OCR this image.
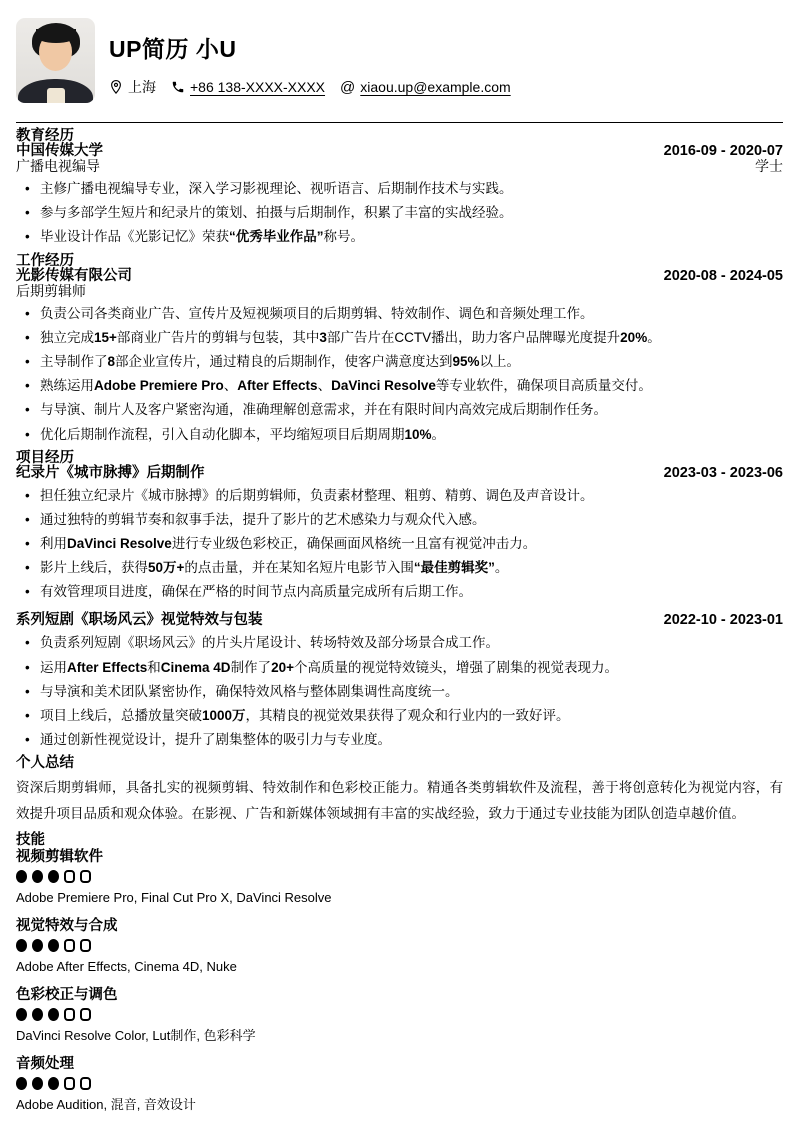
UP简历 小U
上海 +86 138-XXXX-XXXX @ xiaou.up@example.com
教育经历
中国传媒大学	2016-09 - 2020-07
广播电视编导	学士
• 主修广播电视编导专业，深入学习影视理论、视听语言、后期制作技术与实践。
• 参与多部学生短片和纪录片的策划、拍摄与后期制作，积累了丰富的实战经验。
• 毕业设计作品《光影记忆》荣获“优秀毕业作品”称号。
工作经历
光影传媒有限公司	2020-08 - 2024-05
后期剪辑师
• 负责公司各类商业广告、宣传片及短视频项目的后期剪辑、特效制作、调色和音频处理工作。
• 独立完成15+部商业广告片的剪辑与包装，其中3部广告片在CCTV播出，助力客户品牌曝光度提升20%。
• 主导制作了8部企业宣传片，通过精良的后期制作，使客户满意度达到95%以上。
• 熟练运用Adobe Premiere Pro、After Effects、DaVinci Resolve等专业软件，确保项目高质量交付。
• 与导演、制片人及客户紧密沟通，准确理解创意需求，并在有限时间内高效完成后期制作任务。
• 优化后期制作流程，引入自动化脚本，平均缩短项目后期周期10%。
项目经历
纪录片《城市脉搏》后期制作	2023-03 - 2023-06
• 担任独立纪录片《城市脉搏》的后期剪辑师，负责素材整理、粗剪、精剪、调色及声音设计。
• 通过独特的剪辑节奏和叙事手法，提升了影片的艺术感染力与观众代入感。
• 利用DaVinci Resolve进行专业级色彩校正，确保画面风格统一且富有视觉冲击力。
• 影片上线后，获得50万+的点击量，并在某知名短片电影节入围“最佳剪辑奖”。
• 有效管理项目进度，确保在严格的时间节点内高质量完成所有后期工作。
系列短剧《职场风云》视觉特效与包装	2022-10 - 2023-01
• 负责系列短剧《职场风云》的片头片尾设计、转场特效及部分场景合成工作。
• 运用After Effects和Cinema 4D制作了20+个高质量的视觉特效镜头，增强了剧集的视觉表现力。
• 与导演和美术团队紧密协作，确保特效风格与整体剧集调性高度统一。
• 项目上线后，总播放量突破1000万，其精良的视觉效果获得了观众和行业内的一致好评。
• 通过创新性视觉设计，提升了剧集整体的吸引力与专业度。
个人总结

资深后期剪辑师，具备扎实的视频剪辑、特效制作和色彩校正能力。精通各类剪辑软件及流程，善于将创意转化为视觉内容，有效提升项目品质和观众体验。在影视、广告和新媒体领域拥有丰富的实战经验，致力于通过专业技能为团队创造卓越价值。

技能
视频剪辑软件
Adobe Premiere Pro, Final Cut Pro X, DaVinci Resolve
视觉特效与合成
Adobe After Effects, Cinema 4D, Nuke
色彩校正与调色
DaVinci Resolve Color, Lut制作, 色彩科学
音频处理
Adobe Audition, 混音, 音效设计
